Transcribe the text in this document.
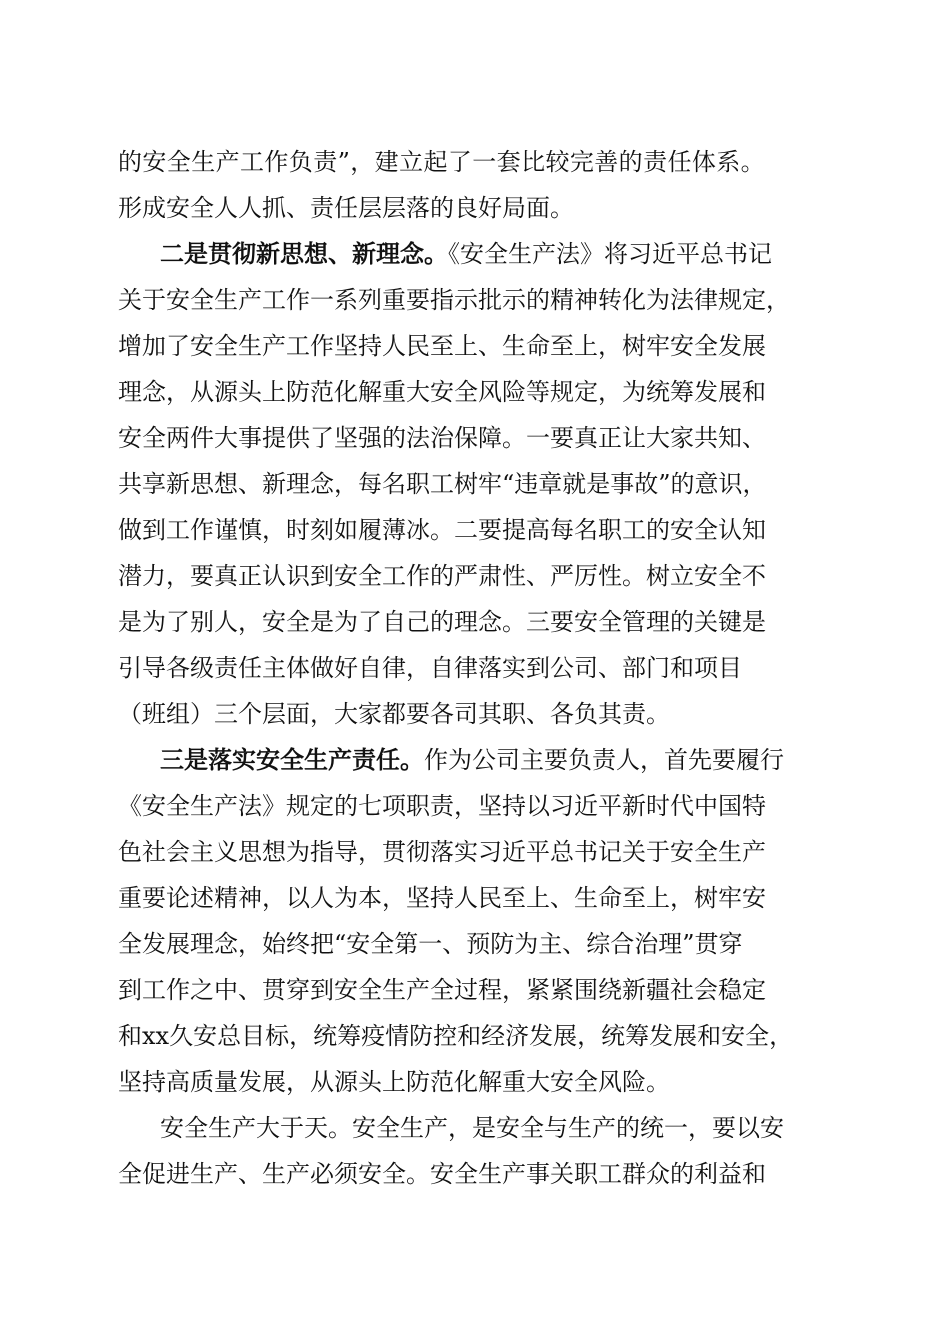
的安全生产工作负责”，建立起了一套比较完善的责任体系。
形成安全人人抓、责任层层落的良好局面。
二是贯彻新思想、新理念。《安全生产法》将习近平总书记
关于安全生产工作一系列重要指示批示的精神转化为法律规定，
增加了安全生产工作坚持人民至上、生命至上，树牢安全发展
理念，从源头上防范化解重大安全风险等规定，为统筹发展和
安全两件大事提供了坚强的法治保障。一要真正让大家共知、
共享新思想、新理念，每名职工树牢“违章就是事故”的意识，
做到工作谨慎，时刻如履薄冰。二要提高每名职工的安全认知
潜力，要真正认识到安全工作的严肃性、严厉性。树立安全不
是为了别人，安全是为了自己的理念。三要安全管理的关键是
引导各级责任主体做好自律，自律落实到公司、部门和项目
（班组）三个层面，大家都要各司其职、各负其责。
三是落实安全生产责任。作为公司主要负责人，首先要履行
《安全生产法》规定的七项职责，坚持以习近平新时代中国特
色社会主义思想为指导，贯彻落实习近平总书记关于安全生产
重要论述精神，以人为本，坚持人民至上、生命至上，树牢安
全发展理念，始终把“安全第一、预防为主、综合治理”贯穿
到工作之中、贯穿到安全生产全过程，紧紧围绕新疆社会稳定
和xx久安总目标，统筹疫情防控和经济发展，统筹发展和安全，
坚持高质量发展，从源头上防范化解重大安全风险。
安全生产大于天。安全生产，是安全与生产的统一，要以安
全促进生产、生产必须安全。安全生产事关职工群众的利益和
